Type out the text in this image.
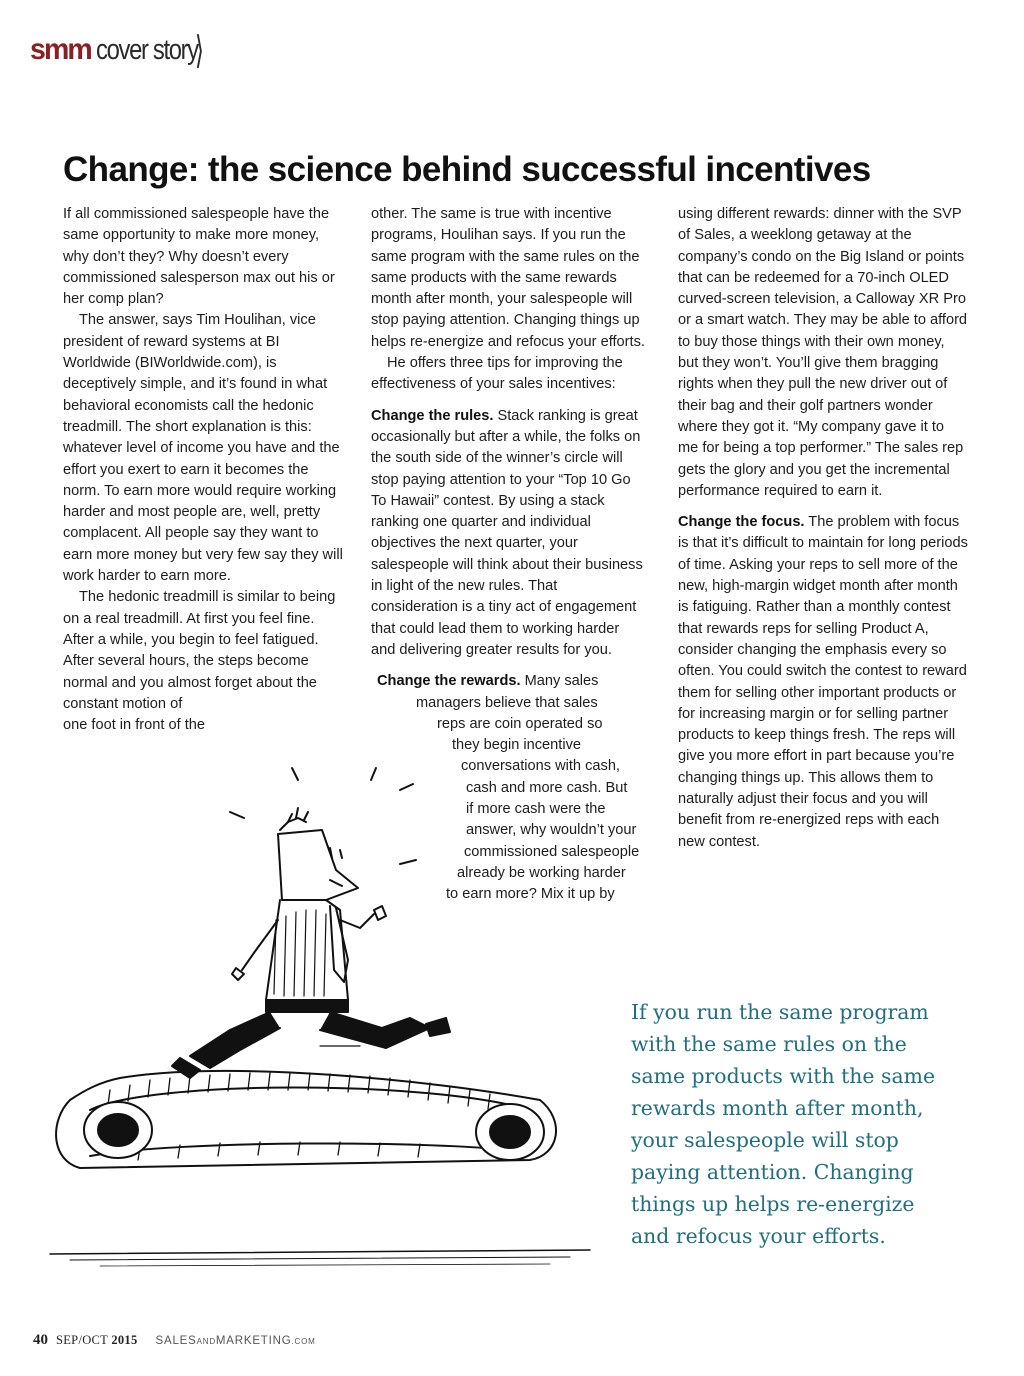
smm cover story
⟩
Change: the science behind successful incentives

If all commissioned salespeople have the same opportunity to make more money, why don’t they? Why doesn’t every commissioned salesperson max out his or her comp plan?

The answer, says Tim Houlihan, vice president of reward systems at BI Worldwide (BIWorldwide.com), is deceptively simple, and it’s found in what behavioral economists call the hedonic treadmill. The short explanation is this: whatever level of income you have and the effort you exert to earn it becomes the norm. To earn more would require working harder and most people are, well, pretty complacent. All people say they want to earn more money but very few say they will work harder to earn more.

The hedonic treadmill is similar to being on a real treadmill. At first you feel fine. After a while, you begin to feel fatigued. After several hours, the steps become normal and you almost forget about the constant motion of

one foot in front of the

other. The same is true with incentive programs, Houlihan says. If you run the same program with the same rules on the same products with the same rewards month after month, your salespeople will stop paying attention. Changing things up helps re-energize and refocus your efforts.

He offers three tips for improving the effectiveness of your sales incentives:

Change the rules. Stack ranking is great occasionally but after a while, the folks on the south side of the winner’s circle will stop paying attention to your “Top 10 Go To Hawaii” contest. By using a stack ranking one quarter and individual objectives the next quarter, your salespeople will think about their business in light of the new rules. That consideration is a tiny act of engagement that could lead them to working harder and delivering greater results for you.

Change the rewards. Many sales
managers believe that sales
reps are coin operated so
they begin incentive
conversations with cash,
cash and more cash. But
if more cash were the
answer, why wouldn’t your
commissioned salespeople
already be working harder
to earn more? Mix it up by

using different rewards: dinner with the SVP of Sales, a weeklong getaway at the company’s condo on the Big Island or points that can be redeemed for a 70-inch OLED curved-screen television, a Calloway XR Pro or a smart watch. They may be able to afford to buy those things with their own money, but they won’t. You’ll give them bragging rights when they pull the new driver out of their bag and their golf partners wonder where they got it. “My company gave it to me for being a top performer.” The sales rep gets the glory and you get the incremental performance required to earn it.

Change the focus. The problem with focus is that it’s difficult to maintain for long periods of time. Asking your reps to sell more of the new, high-margin widget month after month is fatiguing. Rather than a monthly contest that rewards reps for selling Product A, consider changing the emphasis every so often. You could switch the contest to reward them for selling other important products or for increasing margin or for selling partner products to keep things fresh. The reps will give you more effort in part because you’re changing things up. This allows them to naturally adjust their focus and you will benefit from re-energized reps with each new contest.

If you run the same program
with the same rules on the
same products with the same
rewards month after month,
your salespeople will stop
paying attention. Changing
things up helps re-energize
and refocus your efforts.
40 SEP/OCT 2015 SALESANDMARKETING.COM
